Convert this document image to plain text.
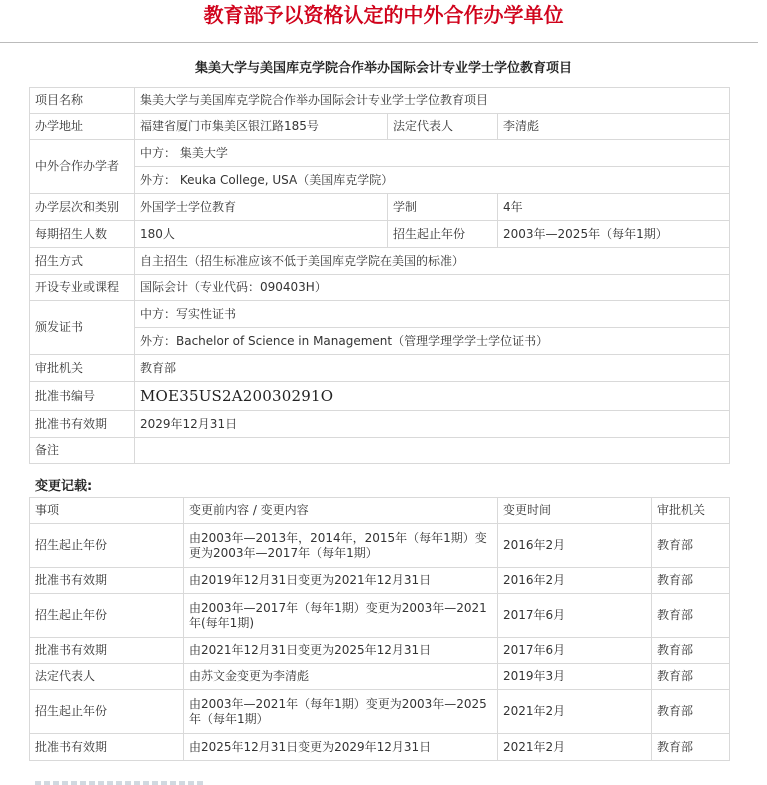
教育部予以资格认定的中外合作办学单位
集美大学与美国库克学院合作举办国际会计专业学士学位教育项目
项目名称	集美大学与美国库克学院合作举办国际会计专业学士学位教育项目		
办学地址	福建省厦门市集美区银江路185号	法定代表人	李清彪
中外合作办学者	中方： 集美大学		
	外方： Keuka College, USA（美国库克学院）		
办学层次和类别	外国学士学位教育	学制	4年
每期招生人数	180人	招生起止年份	2003年—2025年（每年1期）
招生方式	自主招生（招生标准应该不低于美国库克学院在美国的标准）		
开设专业或课程	国际会计（专业代码：090403H）		
颁发证书	中方：写实性证书		
	外方：Bachelor of Science in Management（管理学理学学士学位证书）		
审批机关	教育部		
批准书编号	MOE35US2A20030291O		
批准书有效期	2029年12月31日		
备注			
变更记载:
事项	变更前内容 / 变更内容	变更时间	审批机关
招生起止年份	由2003年—2013年，2014年，2015年（每年1期）变更为2003年—2017年（每年1期）	2016年2月	教育部
批准书有效期	由2019年12月31日变更为2021年12月31日	2016年2月	教育部
招生起止年份	由2003年—2017年（每年1期）变更为2003年—2021年(每年1期)	2017年6月	教育部
批准书有效期	由2021年12月31日变更为2025年12月31日	2017年6月	教育部
法定代表人	由苏文金变更为李清彪	2019年3月	教育部
招生起止年份	由2003年—2021年（每年1期）变更为2003年—2025年（每年1期）	2021年2月	教育部
批准书有效期	由2025年12月31日变更为2029年12月31日	2021年2月	教育部
